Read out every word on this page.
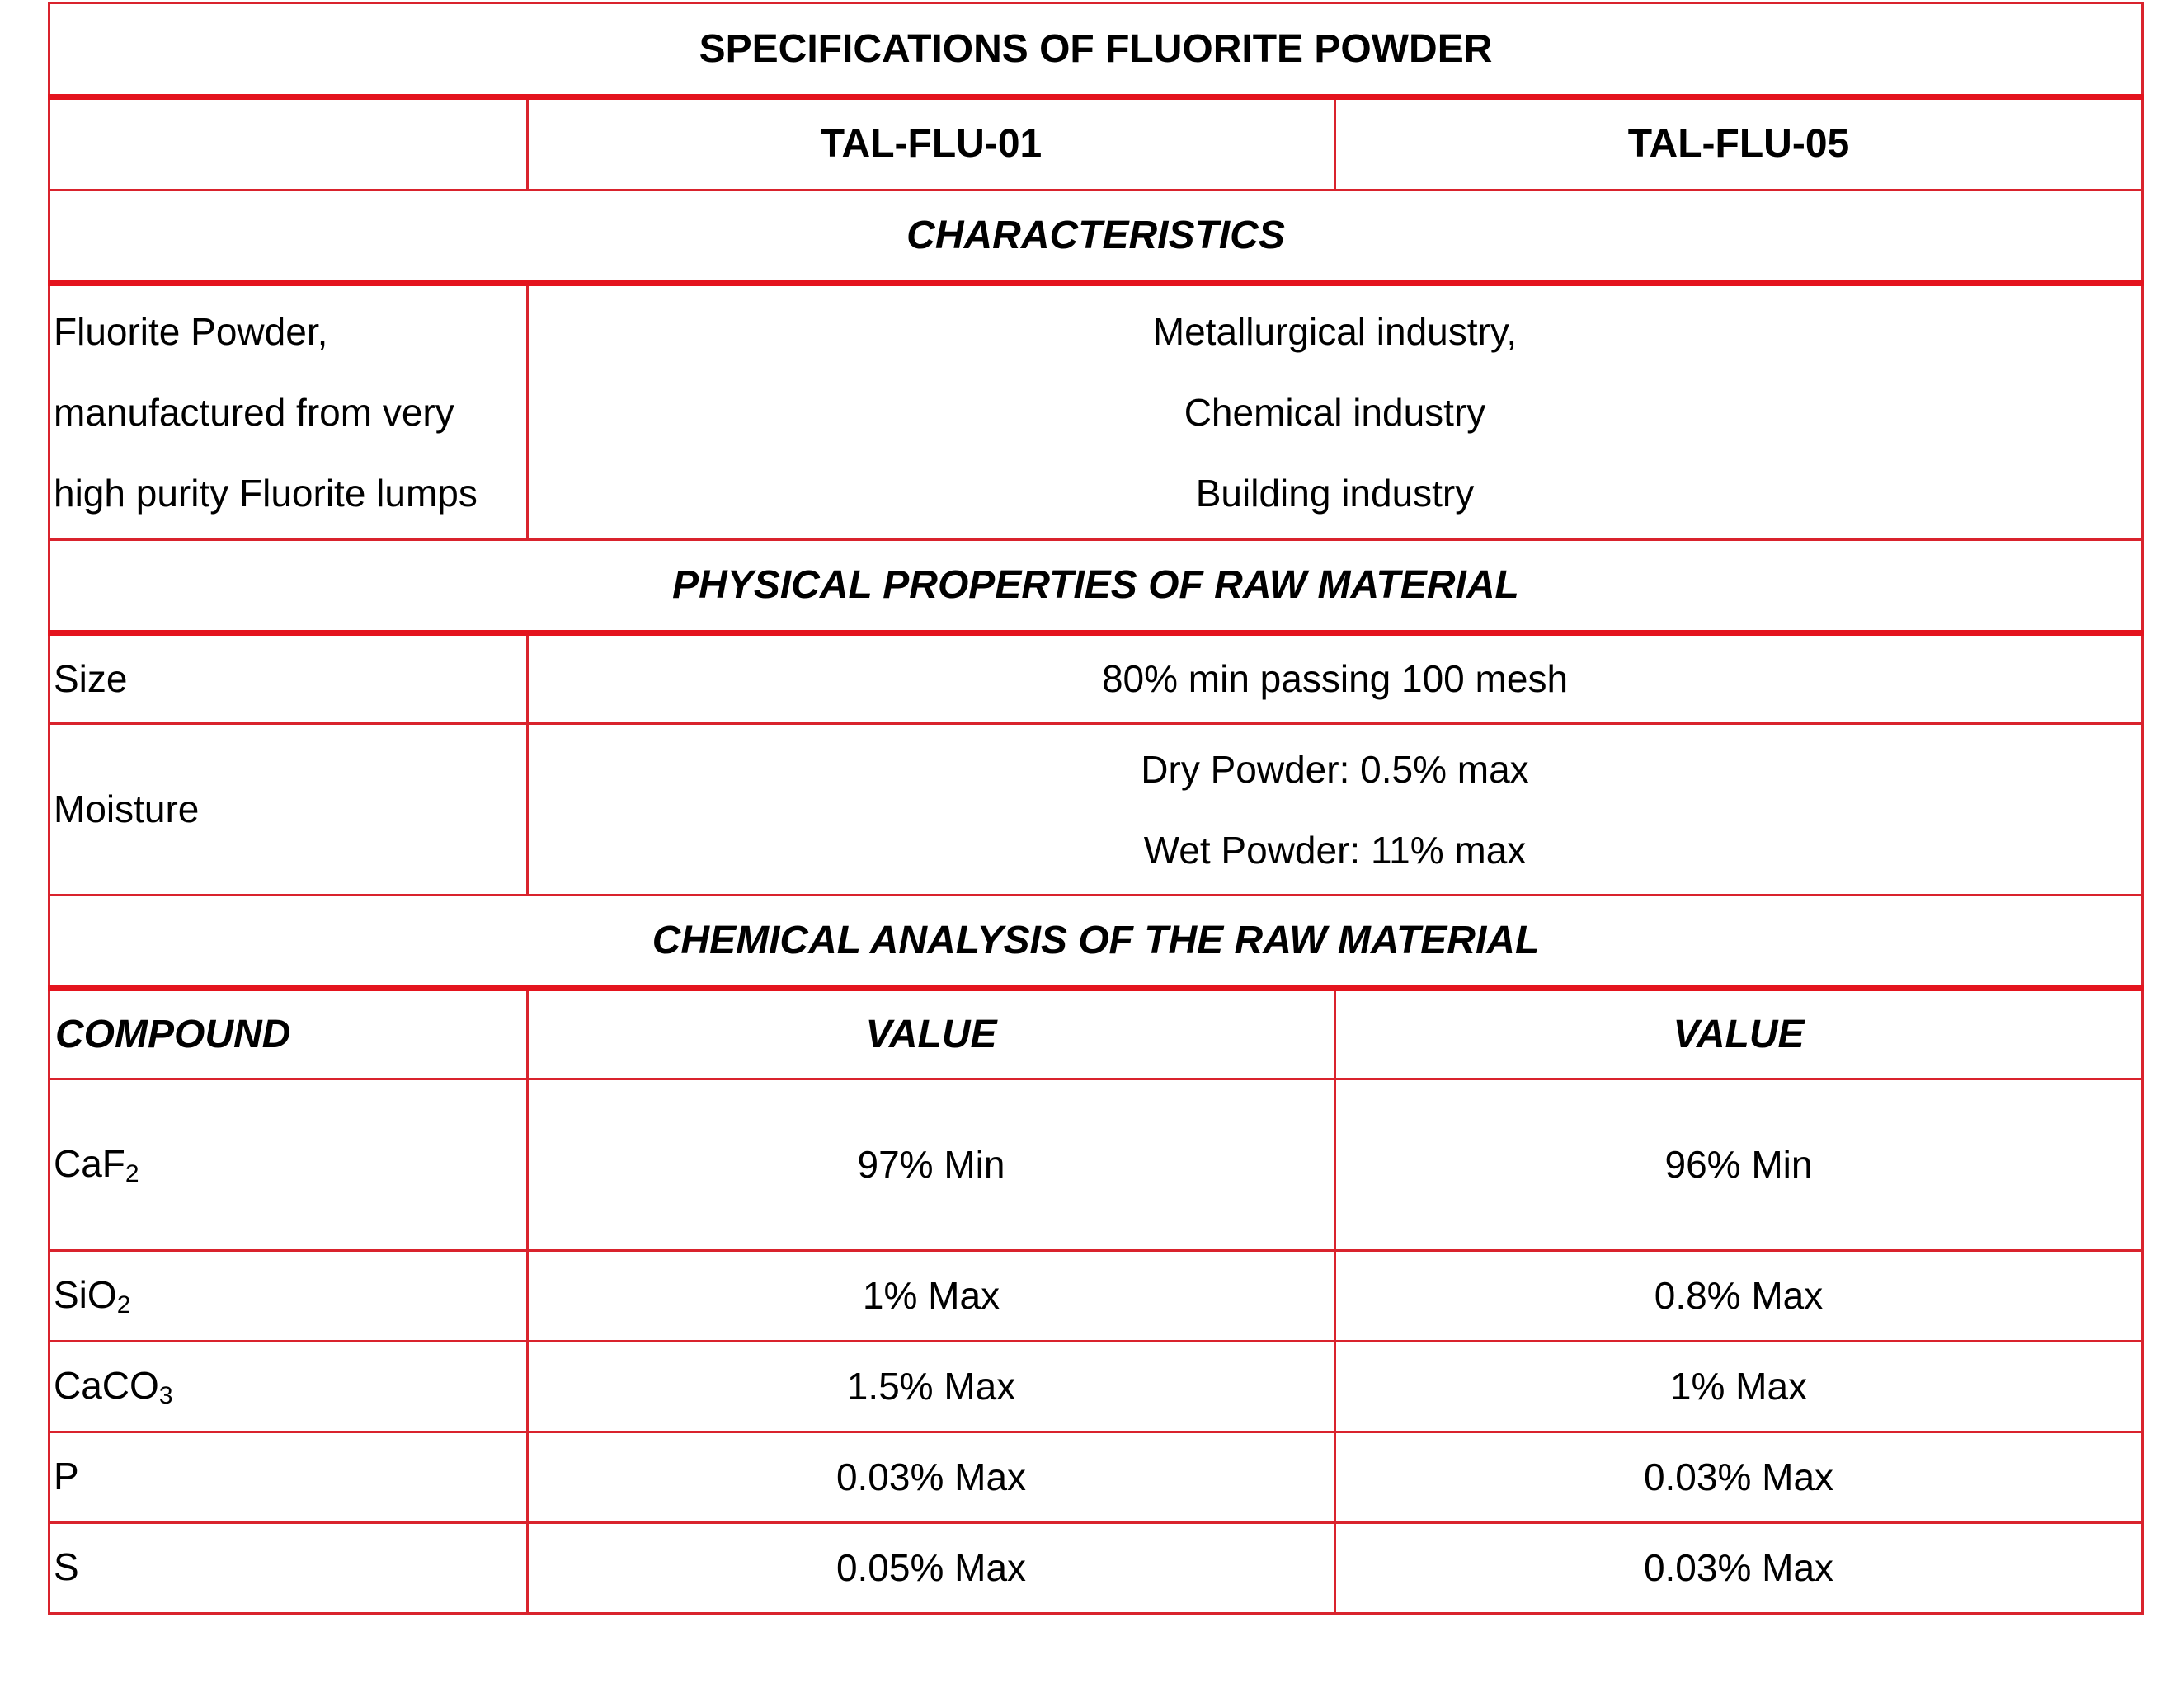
SPECIFICATIONS OF FLUORITE POWDER		
	TAL-FLU-01	TAL-FLU-05
CHARACTERISTICS		

Fluorite Powder,
manufactured from very
high purity Fluorite lumps	Metallurgical industry,
Chemical industry
Building industry	

PHYSICAL PROPERTIES OF RAW MATERIAL		
Size	80% min passing 100 mesh	
Moisture	Dry Powder: 0.5% max
Wet Powder: 11% max	

CHEMICAL ANALYSIS OF THE RAW MATERIAL		
COMPOUND	VALUE	VALUE
CaF$_2$	97% Min	96% Min
SiO$_2$	1% Max	0.8% Max
CaCO$_3$	1.5% Max	1% Max
P	0.03% Max	0.03% Max
S	0.05% Max	0.03% Max
